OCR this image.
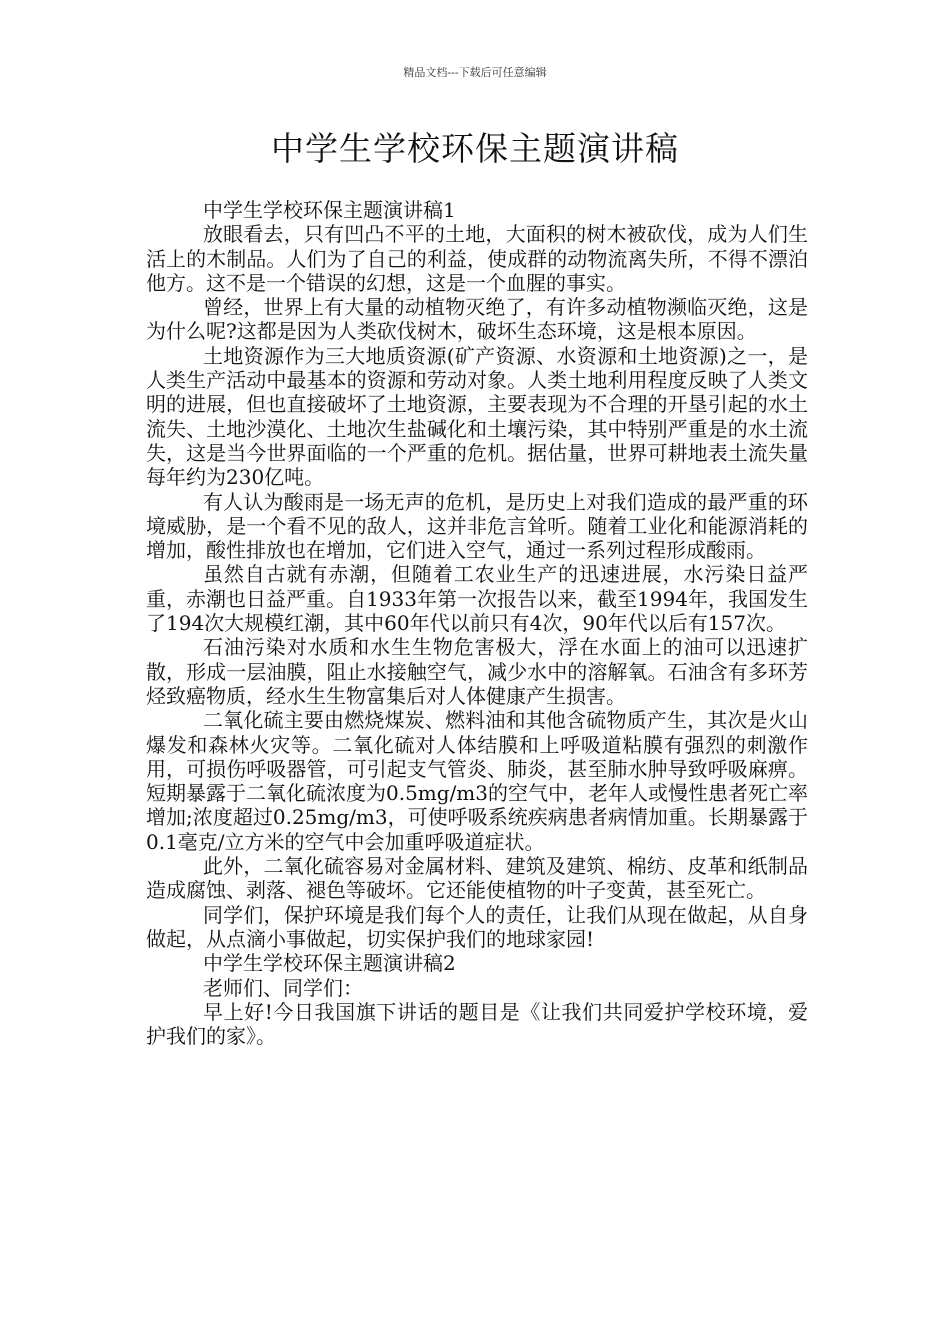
精品文档---下载后可任意编辑
中学生学校环保主题演讲稿

中学生学校环保主题演讲稿1

放眼看去，只有凹凸不平的土地，大面积的树木被砍伐，成为人们生活上的木制品。人们为了自己的利益，使成群的动物流离失所，不得不漂泊他方。这不是一个错误的幻想，这是一个血腥的事实。

曾经，世界上有大量的动植物灭绝了，有许多动植物濒临灭绝，这是为什么呢?这都是因为人类砍伐树木，破坏生态环境，这是根本原因。

土地资源作为三大地质资源(矿产资源、水资源和土地资源)之一，是人类生产活动中最基本的资源和劳动对象。人类土地利用程度反映了人类文明的进展，但也直接破坏了土地资源，主要表现为不合理的开垦引起的水土流失、土地沙漠化、土地次生盐碱化和土壤污染，其中特别严重是的水土流失，这是当今世界面临的一个严重的危机。据估量，世界可耕地表土流失量每年约为230亿吨。

有人认为酸雨是一场无声的危机，是历史上对我们造成的最严重的环境威胁，是一个看不见的敌人，这并非危言耸听。随着工业化和能源消耗的增加，酸性排放也在增加，它们进入空气，通过一系列过程形成酸雨。

虽然自古就有赤潮，但随着工农业生产的迅速进展，水污染日益严重，赤潮也日益严重。自1933年第一次报告以来，截至1994年，我国发生了194次大规模红潮，其中60年代以前只有4次，90年代以后有157次。

石油污染对水质和水生生物危害极大，浮在水面上的油可以迅速扩散，形成一层油膜，阻止水接触空气，减少水中的溶解氧。石油含有多环芳烃致癌物质，经水生生物富集后对人体健康产生损害。

二氧化硫主要由燃烧煤炭、燃料油和其他含硫物质产生，其次是火山爆发和森林火灾等。二氧化硫对人体结膜和上呼吸道粘膜有强烈的刺激作用，可损伤呼吸器管，可引起支气管炎、肺炎，甚至肺水肿导致呼吸麻痹。短期暴露于二氧化硫浓度为0.5mg/m3的空气中，老年人或慢性患者死亡率增加;浓度超过0.25mg/m3，可使呼吸系统疾病患者病情加重。长期暴露于0.1毫克/立方米的空气中会加重呼吸道症状。

此外，二氧化硫容易对金属材料、建筑及建筑、棉纺、皮革和纸制品造成腐蚀、剥落、褪色等破坏。它还能使植物的叶子变黄，甚至死亡。

同学们，保护环境是我们每个人的责任，让我们从现在做起，从自身做起，从点滴小事做起，切实保护我们的地球家园!

中学生学校环保主题演讲稿2

老师们、同学们：

早上好!今日我国旗下讲话的题目是《让我们共同爱护学校环境，爱护我们的家》。
